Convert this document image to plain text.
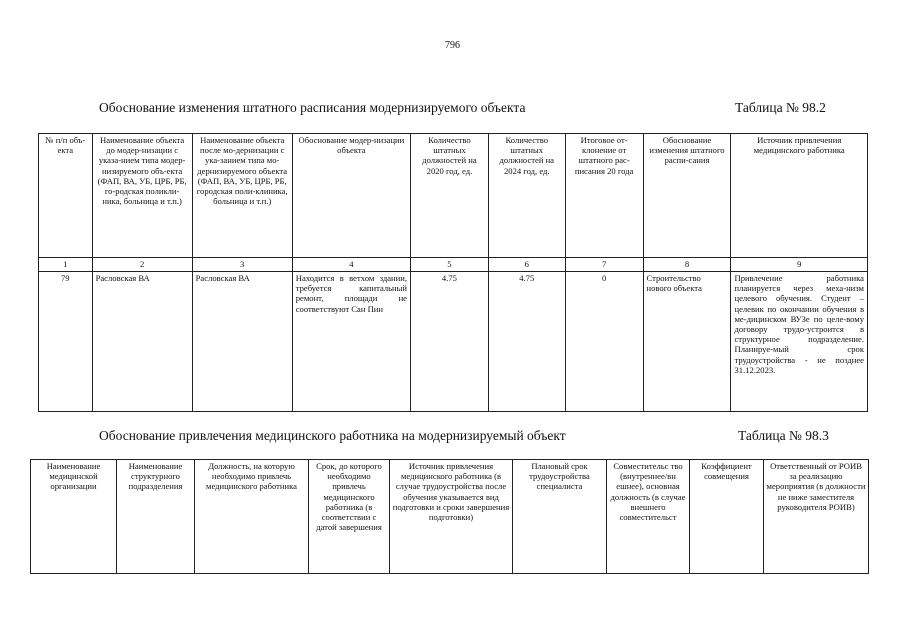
796
Обоснование изменения штатного расписания модернизируемого объекта	Таблица № 98.2
№ п/п объ-екта	Наименование объекта до модер-низации с указа-нием типа модер-низируемого объ-екта (ФАП, ВА, УБ, ЦРБ, РБ, го-родская поликли-ника, больница и т.п.)	Наименование объекта после мо-дернизации с ука-занием типа мо-дернизируемого объекта (ФАП, ВА, УБ, ЦРБ, РБ, городская поли-клиника, больница и т.п.)	Обоснование модер-низации объекта	Количество штатных должностей на 2020 год, ед.	Количество штатных должностей на 2024 год, ед.	Итоговое от-клонение от штатного рас-писания 20 года	Обоснование изменения штатного распи-сания	Источник привлечения медицинского работника
1	2	3	4	5	6	7	8	9
79	Расловская ВА	Расловская ВА	Находится в ветхом здании, требуется капитальный ремонт, площади не соответствуют Сан Пин	4.75	4.75	0	Строительство нового объекта	Привлечение работника планируется через меха-низм целевого обучения. Студент – целевик по окончании обучения в ме-дицинском ВУЗе по целе-вому договору трудо-устроится в структурное подразделение. Планируе-мый срок трудоустройства - не позднее 31.12.2023.
Обоснование привлечения медицинского работника на модернизируемый объект	Таблица № 98.3
Наименование медицинской организации	Наименование структурного подразделения	Должность, на которую необходимо привлечь медицинского работника	Срок, до которого необходимо привлечь медицинского работника (в соответствии с датой завершения	Источник привлечения медицинского работника (в случае трудоустройства после обучения указывается вид подготовки и сроки завершения подготовки)	Плановый срок трудоустройства специалиста	Совместительс тво (внутреннее/вн ешнее), основная должность (в случае внешнего совместительст	Коэффициент совмещения	Ответственный от РОИВ за реализацию мероприятия (в должности не ниже заместителя руководителя РОИВ)
